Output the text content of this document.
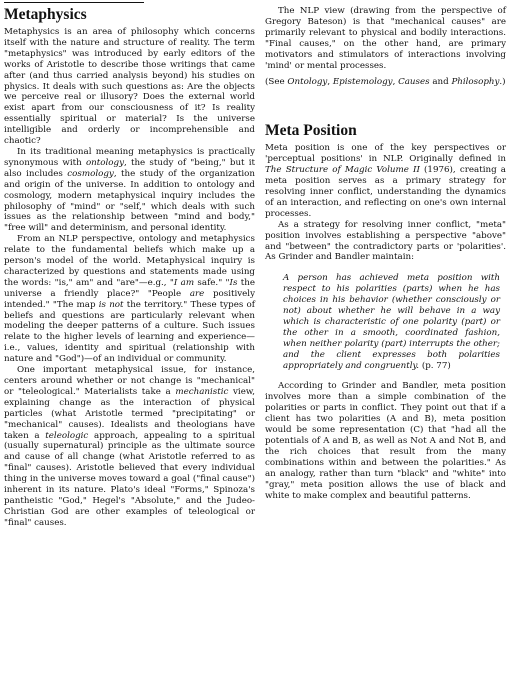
Metaphysics

Metaphysics is an area of philosophy which concerns itself with the nature and structure of reality. The term "metaphysics" was introduced by early editors of the works of Aristotle to describe those writings that came after (and thus carried analysis beyond) his studies on physics. It deals with such questions as: Are the objects we perceive real or illusory? Does the external world exist apart from our consciousness of it? Is reality essentially spiritual or material? Is the universe intelligible and orderly or incomprehensible and chaotic?

In its traditional meaning metaphysics is practically synonymous with ontology, the study of "being," but it also includes cosmology, the study of the organization and origin of the universe. In addition to ontology and cosmology, modern metaphysical inquiry includes the philosophy of "mind" or "self," which deals with such issues as the relationship between "mind and body," "free will" and determinism, and personal identity.

From an NLP perspective, ontology and metaphysics relate to the fundamental beliefs which make up a person's model of the world. Metaphysical inquiry is characterized by questions and statements made using the words: "is," am" and "are"—e.g., "I am safe." "Is the universe a friendly place?" "People are positively intended." "The map is not the territory." These types of beliefs and questions are particularly relevant when modeling the deeper patterns of a culture. Such issues relate to the higher levels of learning and experience—i.e., values, identity and spiritual (relationship with nature and "God")—of an individual or community.

One important metaphysical issue, for instance, centers around whether or not change is "mechanical" or "teleological." Materialists take a mechanistic view, explaining change as the interaction of physical particles (what Aristotle termed "precipitating" or "mechanical" causes). Idealists and theologians have taken a teleologic approach, appealing to a spiritual (usually supernatural) principle as the ultimate source and cause of all change (what Aristotle referred to as "final" causes). Aristotle believed that every individual thing in the universe moves toward a goal ("final cause") inherent in its nature. Plato's ideal "Forms," Spinoza's pantheistic "God," Hegel's "Absolute," and the Judeo-Christian God are other examples of teleological or "final" causes.

The NLP view (drawing from the perspective of Gregory Bateson) is that "mechanical causes" are primarily relevant to physical and bodily interactions. "Final causes," on the other hand, are primary motivators and stimulators of interactions involving 'mind' or mental processes.

(See Ontology, Epistemology, Causes and Philosophy.)

Meta Position

Meta position is one of the key perspectives or 'perceptual positions' in NLP. Originally defined in The Structure of Magic Volume II (1976), creating a meta position serves as a primary strategy for resolving inner conflict, understanding the dynamics of an interaction, and reflecting on one's own internal processes.

As a strategy for resolving inner conflict, "meta" position involves establishing a perspective "above" and "between" the contradictory parts or 'polarities'. As Grinder and Bandler maintain:

A person has achieved meta position with respect to his polarities (parts) when he has choices in his behavior (whether consciously or not) about whether he will behave in a way which is characteristic of one polarity (part) or the other in a smooth, coordinated fashion, when neither polarity (part) interrupts the other; and the client expresses both polarities appropriately and congruently. (p. 77)

According to Grinder and Bandler, meta position involves more than a simple combination of the polarities or parts in conflict. They point out that if a client has two polarities (A and B), meta position would be some representation (C) that "had all the potentials of A and B, as well as Not A and Not B, and the rich choices that result from the many combinations within and between the polarities." As an analogy, rather than turn "black" and "white" into "gray," meta position allows the use of black and white to make complex and beautiful patterns.
